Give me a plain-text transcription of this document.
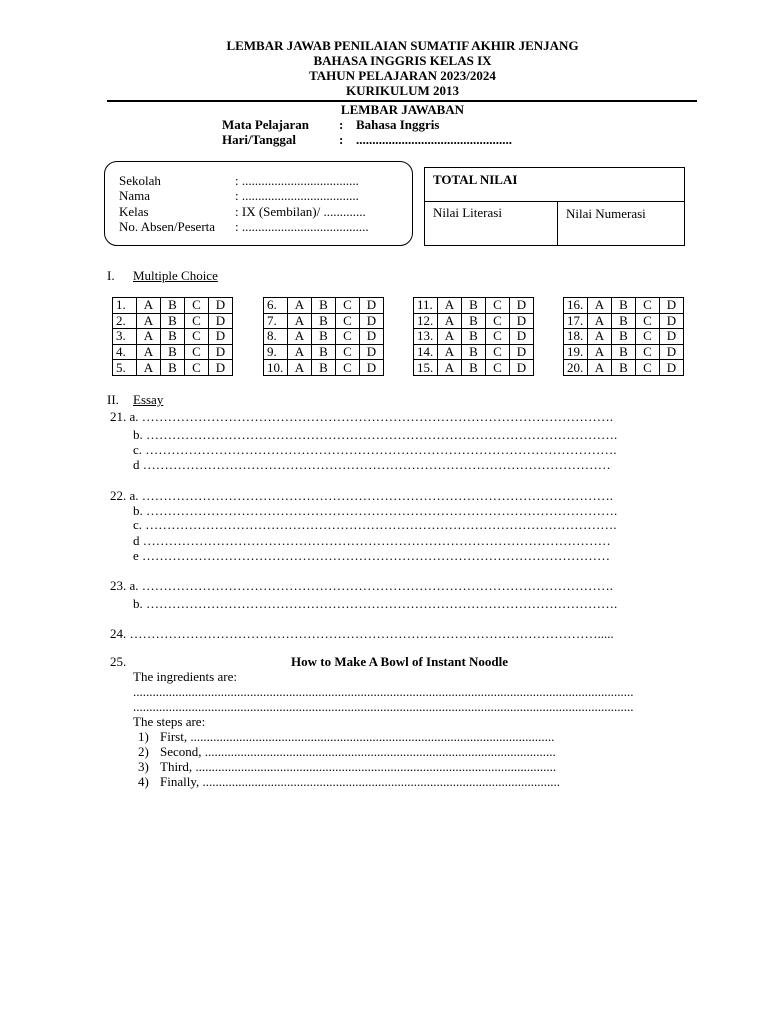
LEMBAR JAWAB PENILAIAN SUMATIF AKHIR JENJANG
BAHASA INGGRIS KELAS IX
TAHUN PELAJARAN 2023/2024
KURIKULUM 2013
LEMBAR JAWABAN
Mata Pelajaran : Bahasa Inggris
Hari/Tanggal	: ................................................
Sekolah	: ....................................
Nama	: ....................................
Kelas	: IX (Sembilan)/ .............
No. Absen/Peserta : .......................................
TOTAL NILAI
Nilai Literasi	Nilai Numerasi
I. Multiple Choice
1.	A	B	C	D
2.	A	B	C	D
3.	A	B	C	D
4.	A	B	C	D
5.	A	B	C	D
6.	A	B	C	D
7.	A	B	C	D
8.	A	B	C	D
9.	A	B	C	D
10.	A	B	C	D
11.	A	B	C	D
12.	A	B	C	D
13.	A	B	C	D
14.	A	B	C	D
15.	A	B	C	D
16.	A	B	C	D
17.	A	B	C	D
18.	A	B	C	D
19.	A	B	C	D
20.	A	B	C	D
II. Essay
21. a. ……………………………………………………………………………………………….
b. ……………………………………………………………………………………………….
c. ……………………………………………………………………………………………….
d ………………………………………………………………………………………………
22. a. ……………………………………………………………………………………………….
b. ……………………………………………………………………………………………….
c. ……………………………………………………………………………………………….
d ………………………………………………………………………………………………
e ………………………………………………………………………………………………
23. a. ……………………………………………………………………………………………….
b. ……………………………………………………………………………………………….
24. ……………………………………………………………………………………………….....
25.	How to Make A Bowl of Instant Noodle
The ingredients are:
..........................................................................................................................................................
..........................................................................................................................................................
The steps are:
1) First, ................................................................................................................
2) Second, ............................................................................................................
3) Third, ...............................................................................................................
4) Finally, ..............................................................................................................
